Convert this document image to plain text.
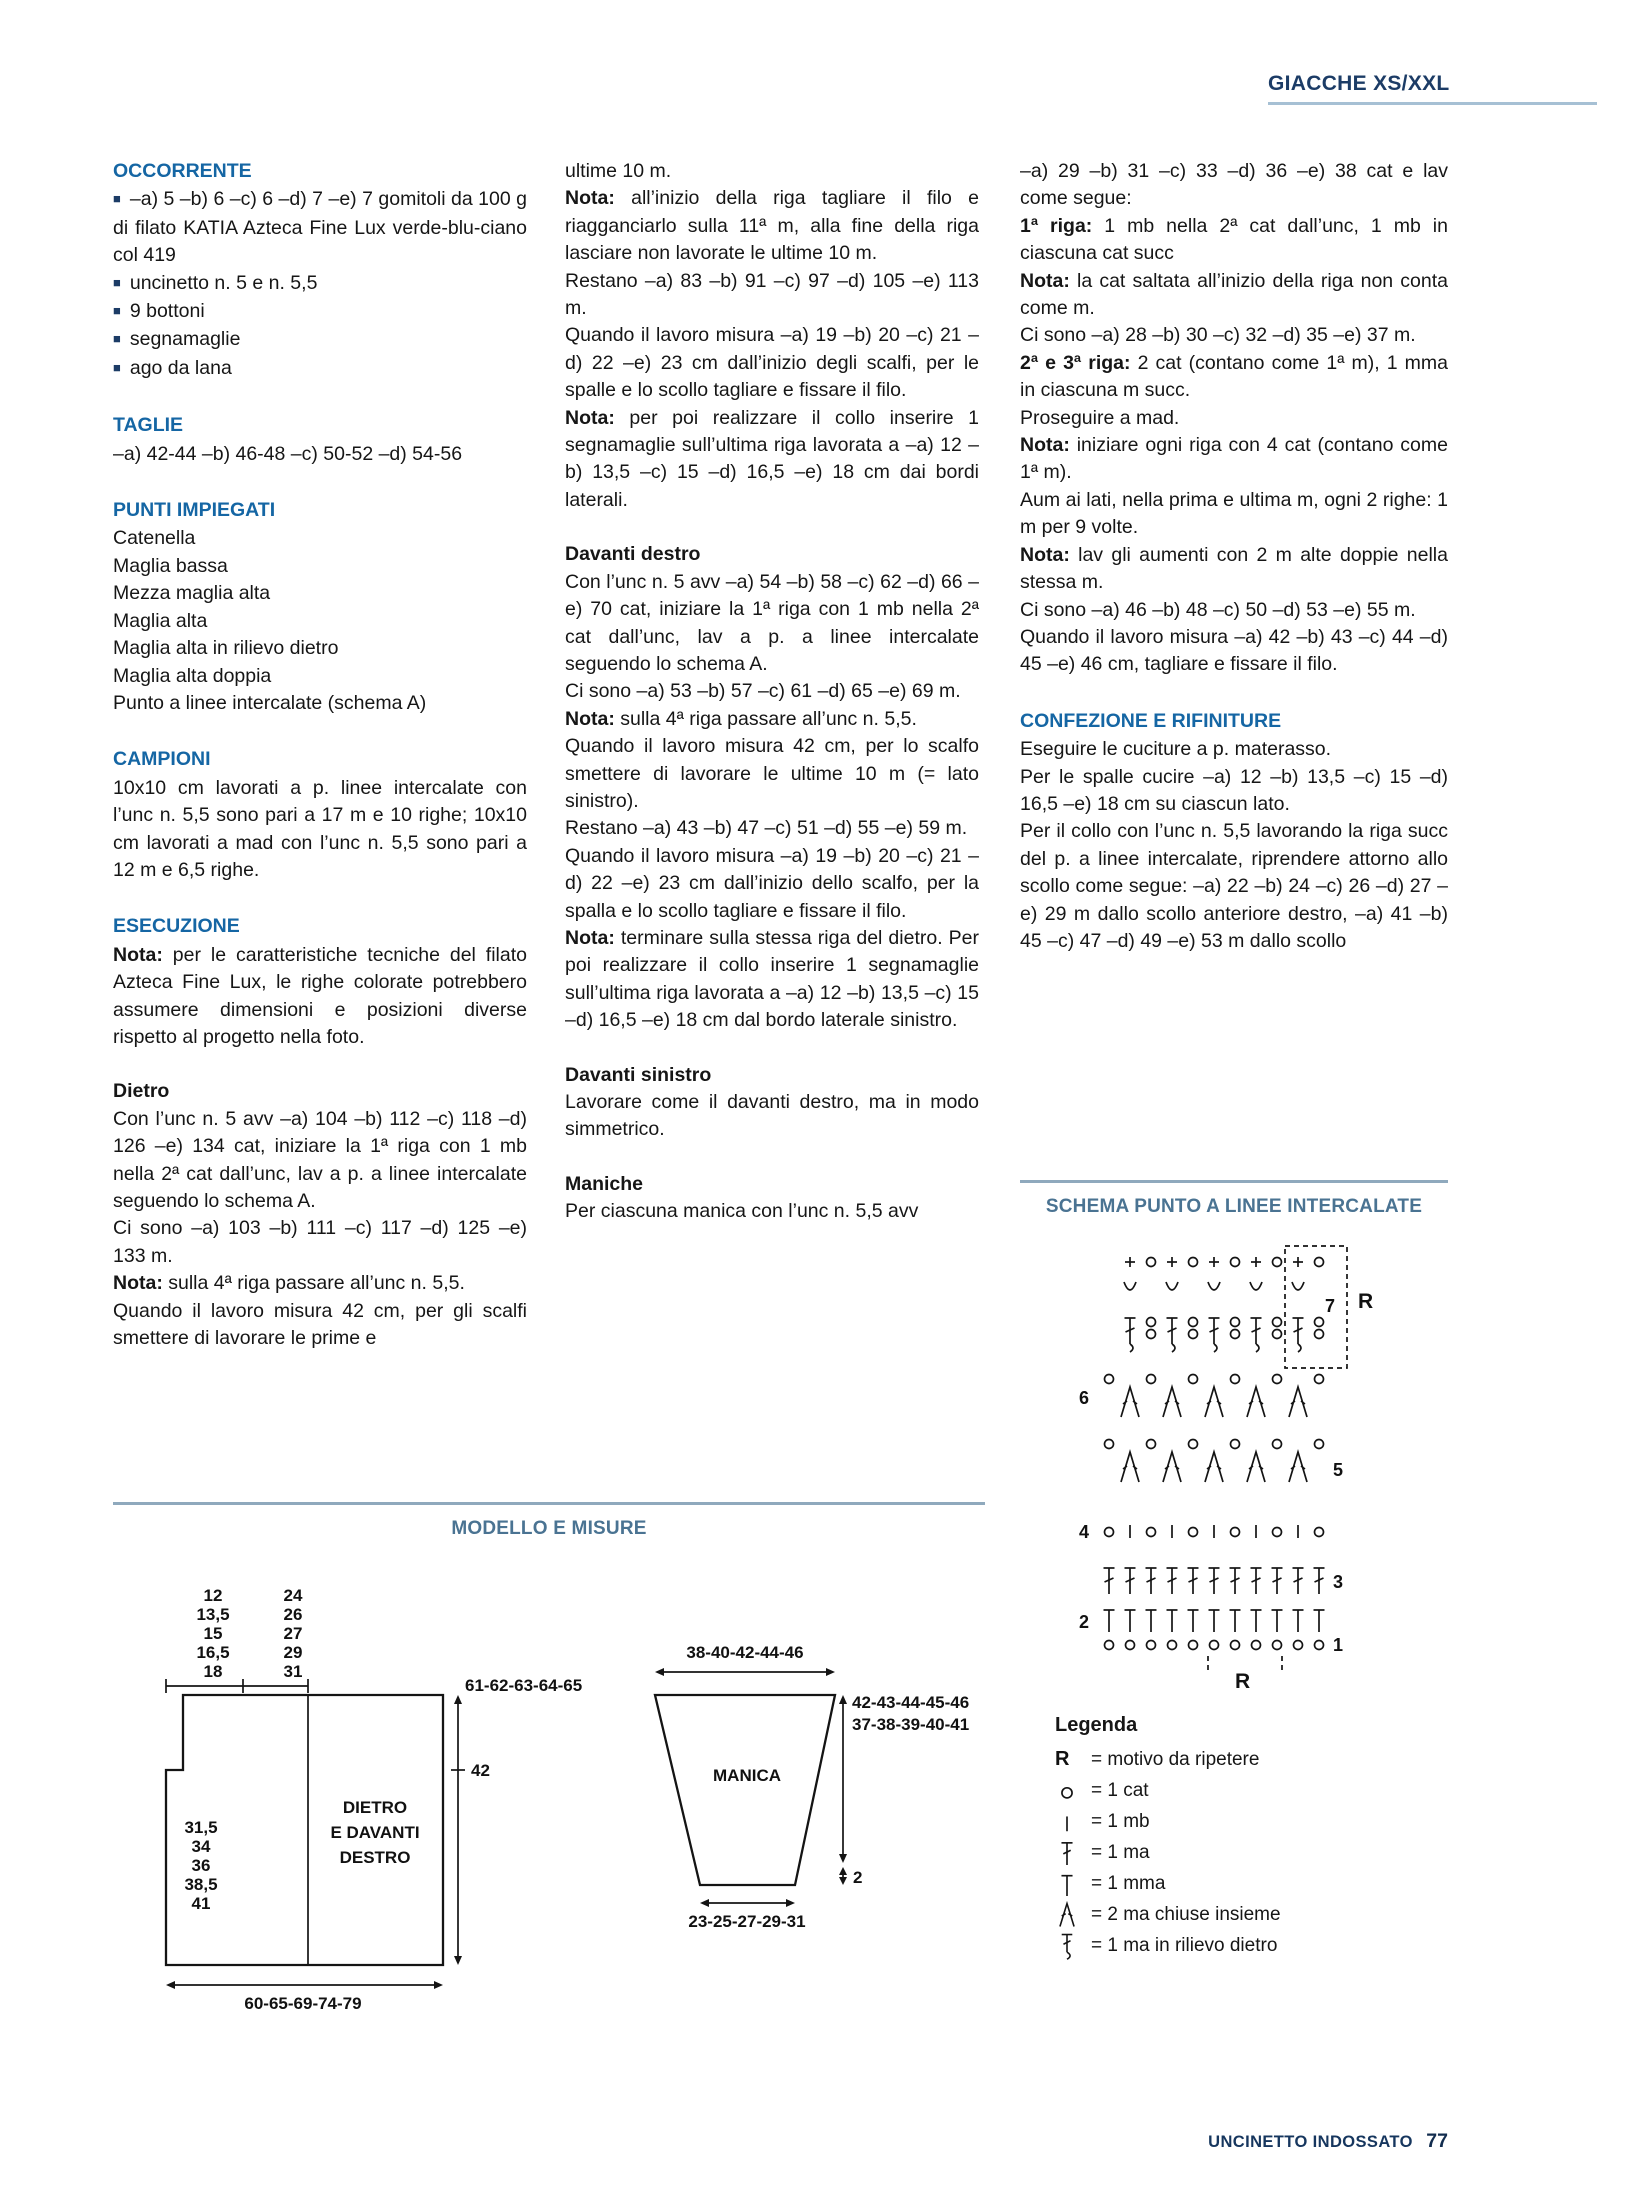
GIACCHE XS/XXL
OCCORRENTE
■ –a) 5 –b) 6 –c) 6 –d) 7 –e) 7 gomitoli da 100 g di filato KATIA Azteca Fine Lux verde-blu-ciano col 419
■ uncinetto n. 5 e n. 5,5
■ 9 bottoni
■ segnamaglie
■ ago da lana
TAGLIE

–a) 42-44 –b) 46-48 –c) 50-52 –d) 54-56

PUNTI IMPIEGATI

Catenella

Maglia bassa

Mezza maglia alta

Maglia alta

Maglia alta in rilievo dietro

Maglia alta doppia

Punto a linee intercalate (schema A)

CAMPIONI

10x10 cm lavorati a p. linee intercalate con l’unc n. 5,5 sono pari a 17 m e 10 righe; 10x10 cm lavorati a mad con l’unc n. 5,5 sono pari a 12 m e 6,5 righe.

ESECUZIONE

Nota: per le caratteristiche tecniche del filato Azteca Fine Lux, le righe colorate potrebbero assumere dimensioni e posizioni diverse rispetto al progetto nella foto.

Dietro

Con l’unc n. 5 avv –a) 104 –b) 112 –c) 118 –d) 126 –e) 134 cat, iniziare la 1ª riga con 1 mb nella 2ª cat dall’unc, lav a p. a linee intercalate seguendo lo schema A.

Ci sono –a) 103 –b) 111 –c) 117 –d) 125 –e) 133 m.

Nota: sulla 4ª riga passare all’unc n. 5,5.

Quando il lavoro misura 42 cm, per gli scalfi smettere di lavorare le prime e

ultime 10 m.

Nota: all’inizio della riga tagliare il filo e riagganciarlo sulla 11ª m, alla fine della riga lasciare non lavorate le ultime 10 m.

Restano –a) 83 –b) 91 –c) 97 –d) 105 –e) 113 m.

Quando il lavoro misura –a) 19 –b) 20 –c) 21 –d) 22 –e) 23 cm dall’inizio degli scalfi, per le spalle e lo scollo tagliare e fissare il filo.

Nota: per poi realizzare il collo inserire 1 segnamaglie sull’ultima riga lavorata a –a) 12 –b) 13,5 –c) 15 –d) 16,5 –e) 18 cm dai bordi laterali.

Davanti destro

Con l’unc n. 5 avv –a) 54 –b) 58 –c) 62 –d) 66 –e) 70 cat, iniziare la 1ª riga con 1 mb nella 2ª cat dall’unc, lav a p. a linee intercalate seguendo lo schema A.

Ci sono –a) 53 –b) 57 –c) 61 –d) 65 –e) 69 m.

Nota: sulla 4ª riga passare all’unc n. 5,5.

Quando il lavoro misura 42 cm, per lo scalfo smettere di lavorare le ultime 10 m (= lato sinistro).

Restano –a) 43 –b) 47 –c) 51 –d) 55 –e) 59 m.

Quando il lavoro misura –a) 19 –b) 20 –c) 21 –d) 22 –e) 23 cm dall’inizio dello scalfo, per la spalla e lo scollo tagliare e fissare il filo.

Nota: terminare sulla stessa riga del dietro. Per poi realizzare il collo inserire 1 segnamaglie sull’ultima riga lavorata a –a) 12 –b) 13,5 –c) 15 –d) 16,5 –e) 18 cm dal bordo laterale sinistro.

Davanti sinistro

Lavorare come il davanti destro, ma in modo simmetrico.

Maniche

Per ciascuna manica con l’unc n. 5,5 avv

–a) 29 –b) 31 –c) 33 –d) 36 –e) 38 cat e lav come segue:

1ª riga: 1 mb nella 2ª cat dall’unc, 1 mb in ciascuna cat succ

Nota: la cat saltata all’inizio della riga non conta come m.

Ci sono –a) 28 –b) 30 –c) 32 –d) 35 –e) 37 m.

2ª e 3ª riga: 2 cat (contano come 1ª m), 1 mma in ciascuna m succ.

Proseguire a mad.

Nota: iniziare ogni riga con 4 cat (contano come 1ª m).

Aum ai lati, nella prima e ultima m, ogni 2 righe: 1 m per 9 volte.

Nota: lav gli aumenti con 2 m alte doppie nella stessa m.

Ci sono –a) 46 –b) 48 –c) 50 –d) 53 –e) 55 m.

Quando il lavoro misura –a) 42 –b) 43 –c) 44 –d) 45 –e) 46 cm, tagliare e fissare il filo.

CONFEZIONE E RIFINITURE

Eseguire le cuciture a p. materasso.

Per le spalle cucire –a) 12 –b) 13,5 –c) 15 –d) 16,5 –e) 18 cm su ciascun lato.

Per il collo con l’unc n. 5,5 lavorando la riga succ del p. a linee intercalate, riprendere attorno allo scollo come segue: –a) 22 –b) 24 –c) 26 –d) 27 –e) 29 m dallo scollo anteriore destro, –a) 41 –b) 45 –c) 47 –d) 49 –e) 53 m dallo scollo

SCHEMA PUNTO A LINEE INTERCALATE
7 R
6
5
4
3
2
1
R
Legenda
R	= motivo da ripetere
= 1 cat
= 1 mb
= 1 ma
= 1 mma
= 2 ma chiuse insieme
= 1 ma in rilievo dietro
MODELLO E MISURE
12
13,5
15
16,5
18
24
26
27
29
31
DIETRO
E DAVANTI
DESTRO
31,5
34
36
38,5
41
61-62-63-64-65
42
60-65-69-74-79
38-40-42-44-46
MANICA
42-43-44-45-46
37-38-39-40-41
2
23-25-27-29-31
UNCINETTO INDOSSATO 77
